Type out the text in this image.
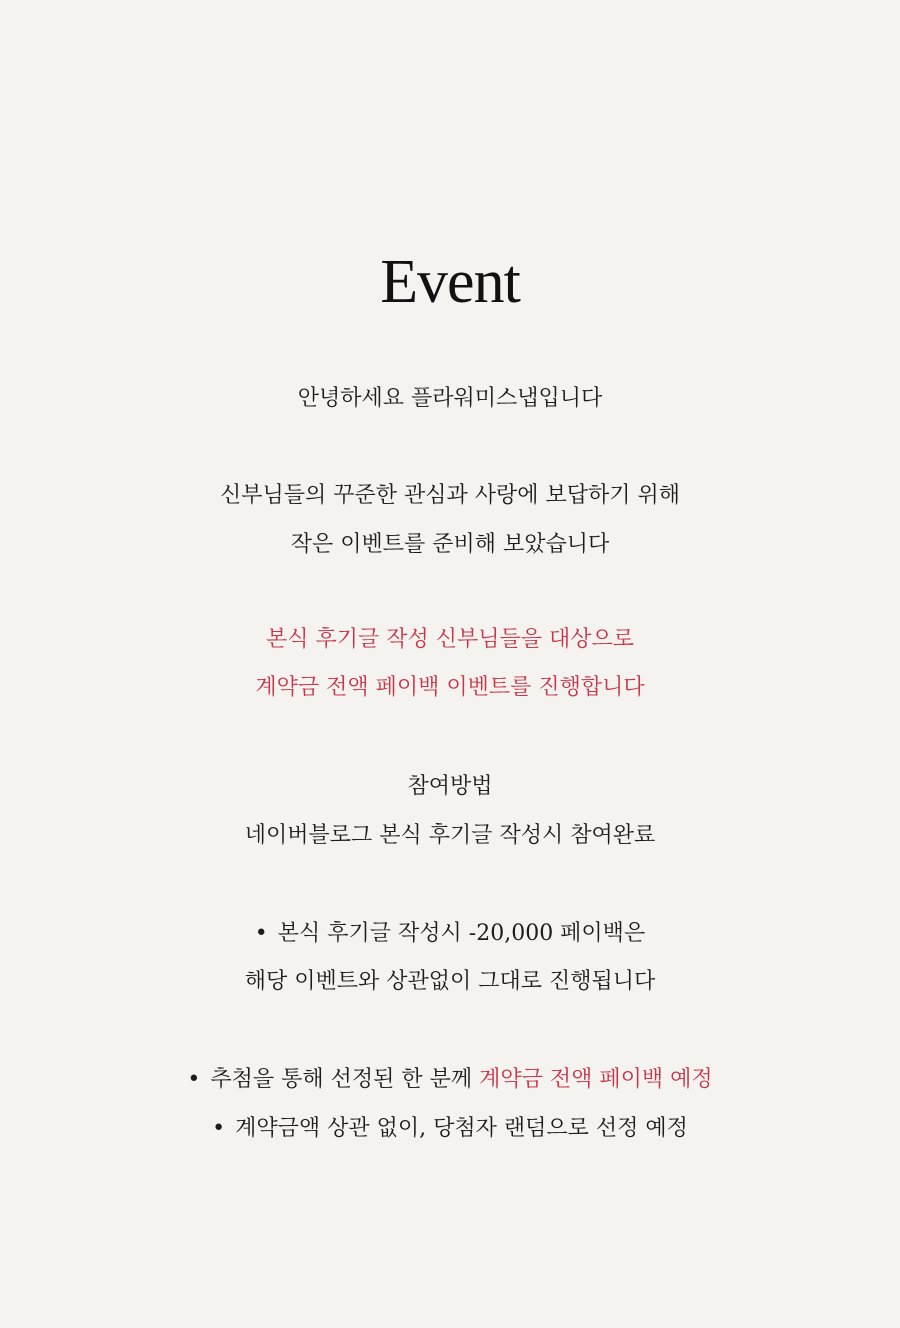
Event
안녕하세요 플라워미스냅입니다
신부님들의 꾸준한 관심과 사랑에 보답하기 위해
작은 이벤트를 준비해 보았습니다
본식 후기글 작성 신부님들을 대상으로
계약금 전액 페이백 이벤트를 진행합니다
참여방법
네이버블로그 본식 후기글 작성시 참여완료
• 본식 후기글 작성시 -20,000 페이백은
해당 이벤트와 상관없이 그대로 진행됩니다
• 추첨을 통해 선정된 한 분께 계약금 전액 페이백 예정
• 계약금액 상관 없이, 당첨자 랜덤으로 선정 예정
